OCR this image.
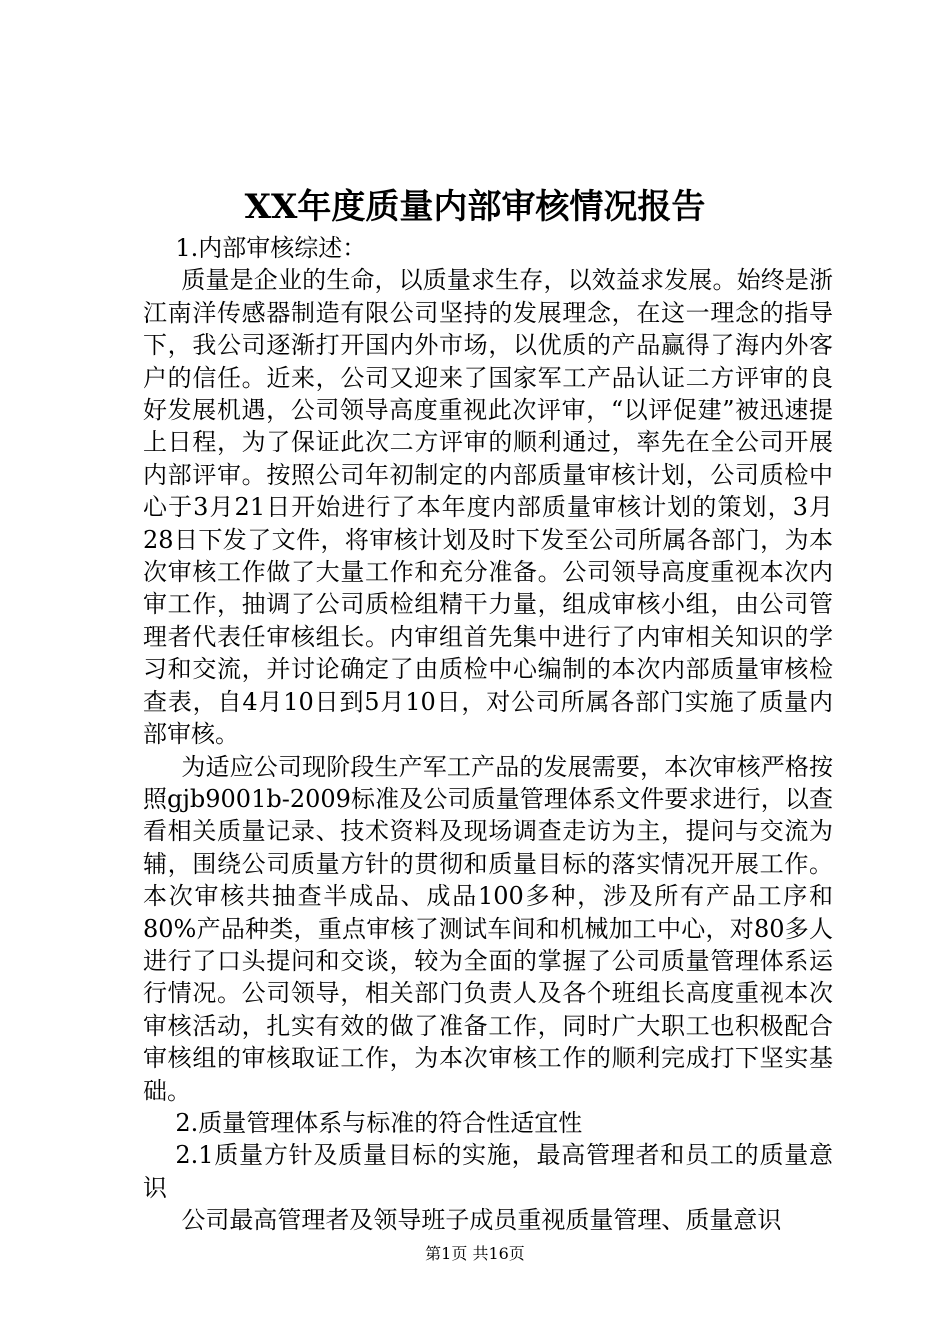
XX年度质量内部审核情况报告

1.内部审核综述：

质量是企业的生命，以质量求生存，以效益求发展。始终是浙江南洋传感器制造有限公司坚持的发展理念，在这一理念的指导下，我公司逐渐打开国内外市场，以优质的产品赢得了海内外客户的信任。近来，公司又迎来了国家军工产品认证二方评审的良好发展机遇，公司领导高度重视此次评审，“以评促建”被迅速提上日程，为了保证此次二方评审的顺利通过，率先在全公司开展内部评审。按照公司年初制定的内部质量审核计划，公司质检中心于3月21日开始进行了本年度内部质量审核计划的策划，3月28日下发了文件，将审核计划及时下发至公司所属各部门，为本次审核工作做了大量工作和充分准备。公司领导高度重视本次内审工作，抽调了公司质检组精干力量，组成审核小组，由公司管理者代表任审核组长。内审组首先集中进行了内审相关知识的学习和交流，并讨论确定了由质检中心编制的本次内部质量审核检查表，自4月10日到5月10日，对公司所属各部门实施了质量内部审核。

为适应公司现阶段生产军工产品的发展需要，本次审核严格按照gjb9001b-2009标准及公司质量管理体系文件要求进行，以查看相关质量记录、技术资料及现场调查走访为主，提问与交流为辅，围绕公司质量方针的贯彻和质量目标的落实情况开展工作。本次审核共抽查半成品、成品100多种，涉及所有产品工序和80%产品种类，重点审核了测试车间和机械加工中心，对80多人进行了口头提问和交谈，较为全面的掌握了公司质量管理体系运行情况。公司领导，相关部门负责人及各个班组长高度重视本次审核活动，扎实有效的做了准备工作，同时广大职工也积极配合审核组的审核取证工作，为本次审核工作的顺利完成打下坚实基础。

2.质量管理体系与标准的符合性适宜性

2.1质量方针及质量目标的实施，最高管理者和员工的质量意识

公司最高管理者及领导班子成员重视质量管理、质量意识

第1页 共16页
